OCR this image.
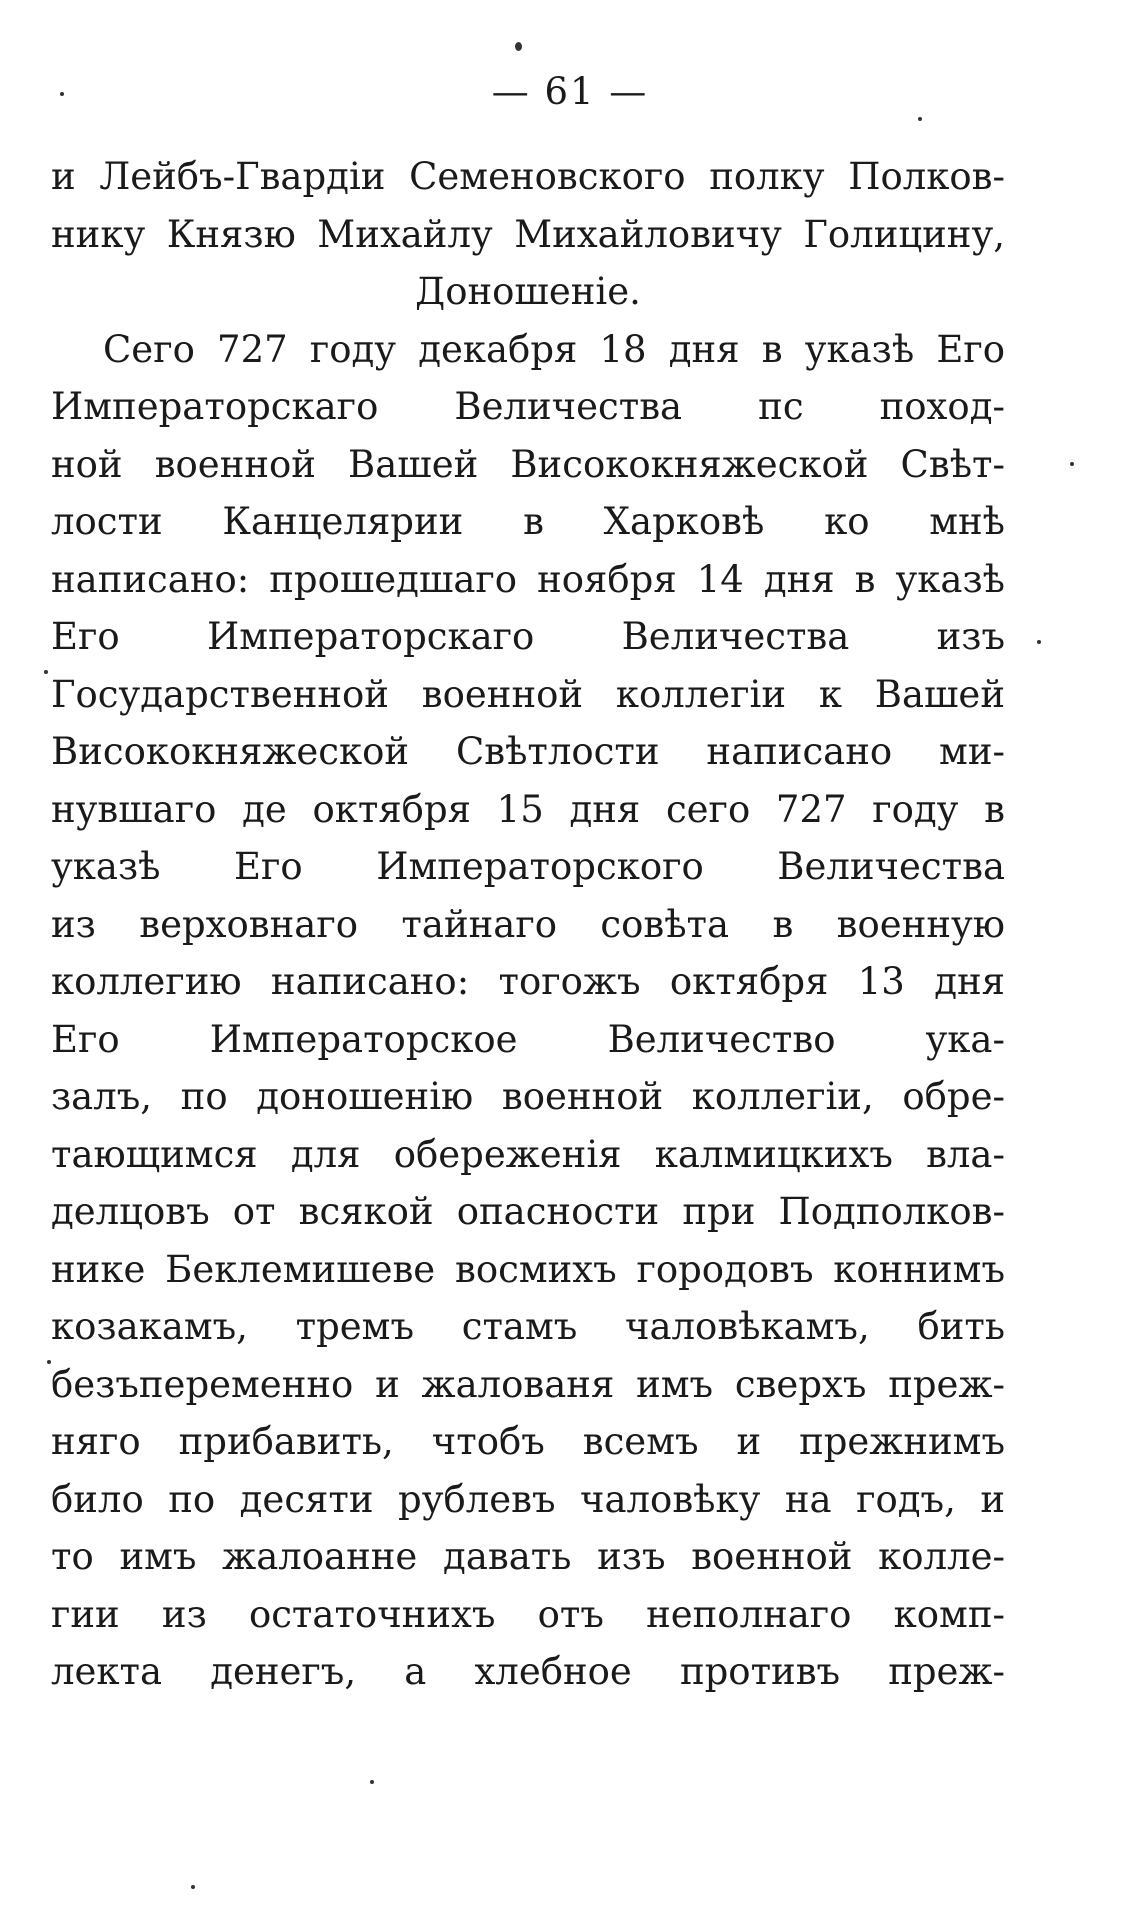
— 61 —
и Лейбъ-Гвардіи Семеновского полку Полков-
нику Князю Михайлу Михайловичу Голицину,
Доношеніе.
Сего 727 году декабря 18 дня в указѣ Его
Императорскаго Величества пс поход-
ной военной Вашей Висококняжеской Свѣт-
лости Канцелярии в Харковѣ ко мнѣ
написано: прошедшаго ноября 14 дня в указѣ
Его Императорскаго Величества изъ
Государственной военной коллегіи к Вашей
Висококняжеской Свѣтлости написано ми-
нувшаго де октября 15 дня сего 727 году в
указѣ Его Императорского Величества
из верховнаго тайнаго совѣта в военную
коллегию написано: тогожъ октября 13 дня
Его Императорское Величество ука-
залъ, по доношенію военной коллегіи, обре-
тающимся для обереженія калмицкихъ вла-
делцовъ от всякой опасности при Подполков-
нике Беклемишеве восмихъ городовъ коннимъ
козакамъ, тремъ стамъ чаловѣкамъ, бить
безъпеременно и жалованя имъ сверхъ преж-
няго прибавить, чтобъ всемъ и прежнимъ
било по десяти рублевъ чаловѣку на годъ, и
то имъ жалоанне давать изъ военной колле-
гии из остаточнихъ отъ неполнаго комп-
лекта денегъ, а хлебное противъ преж-
